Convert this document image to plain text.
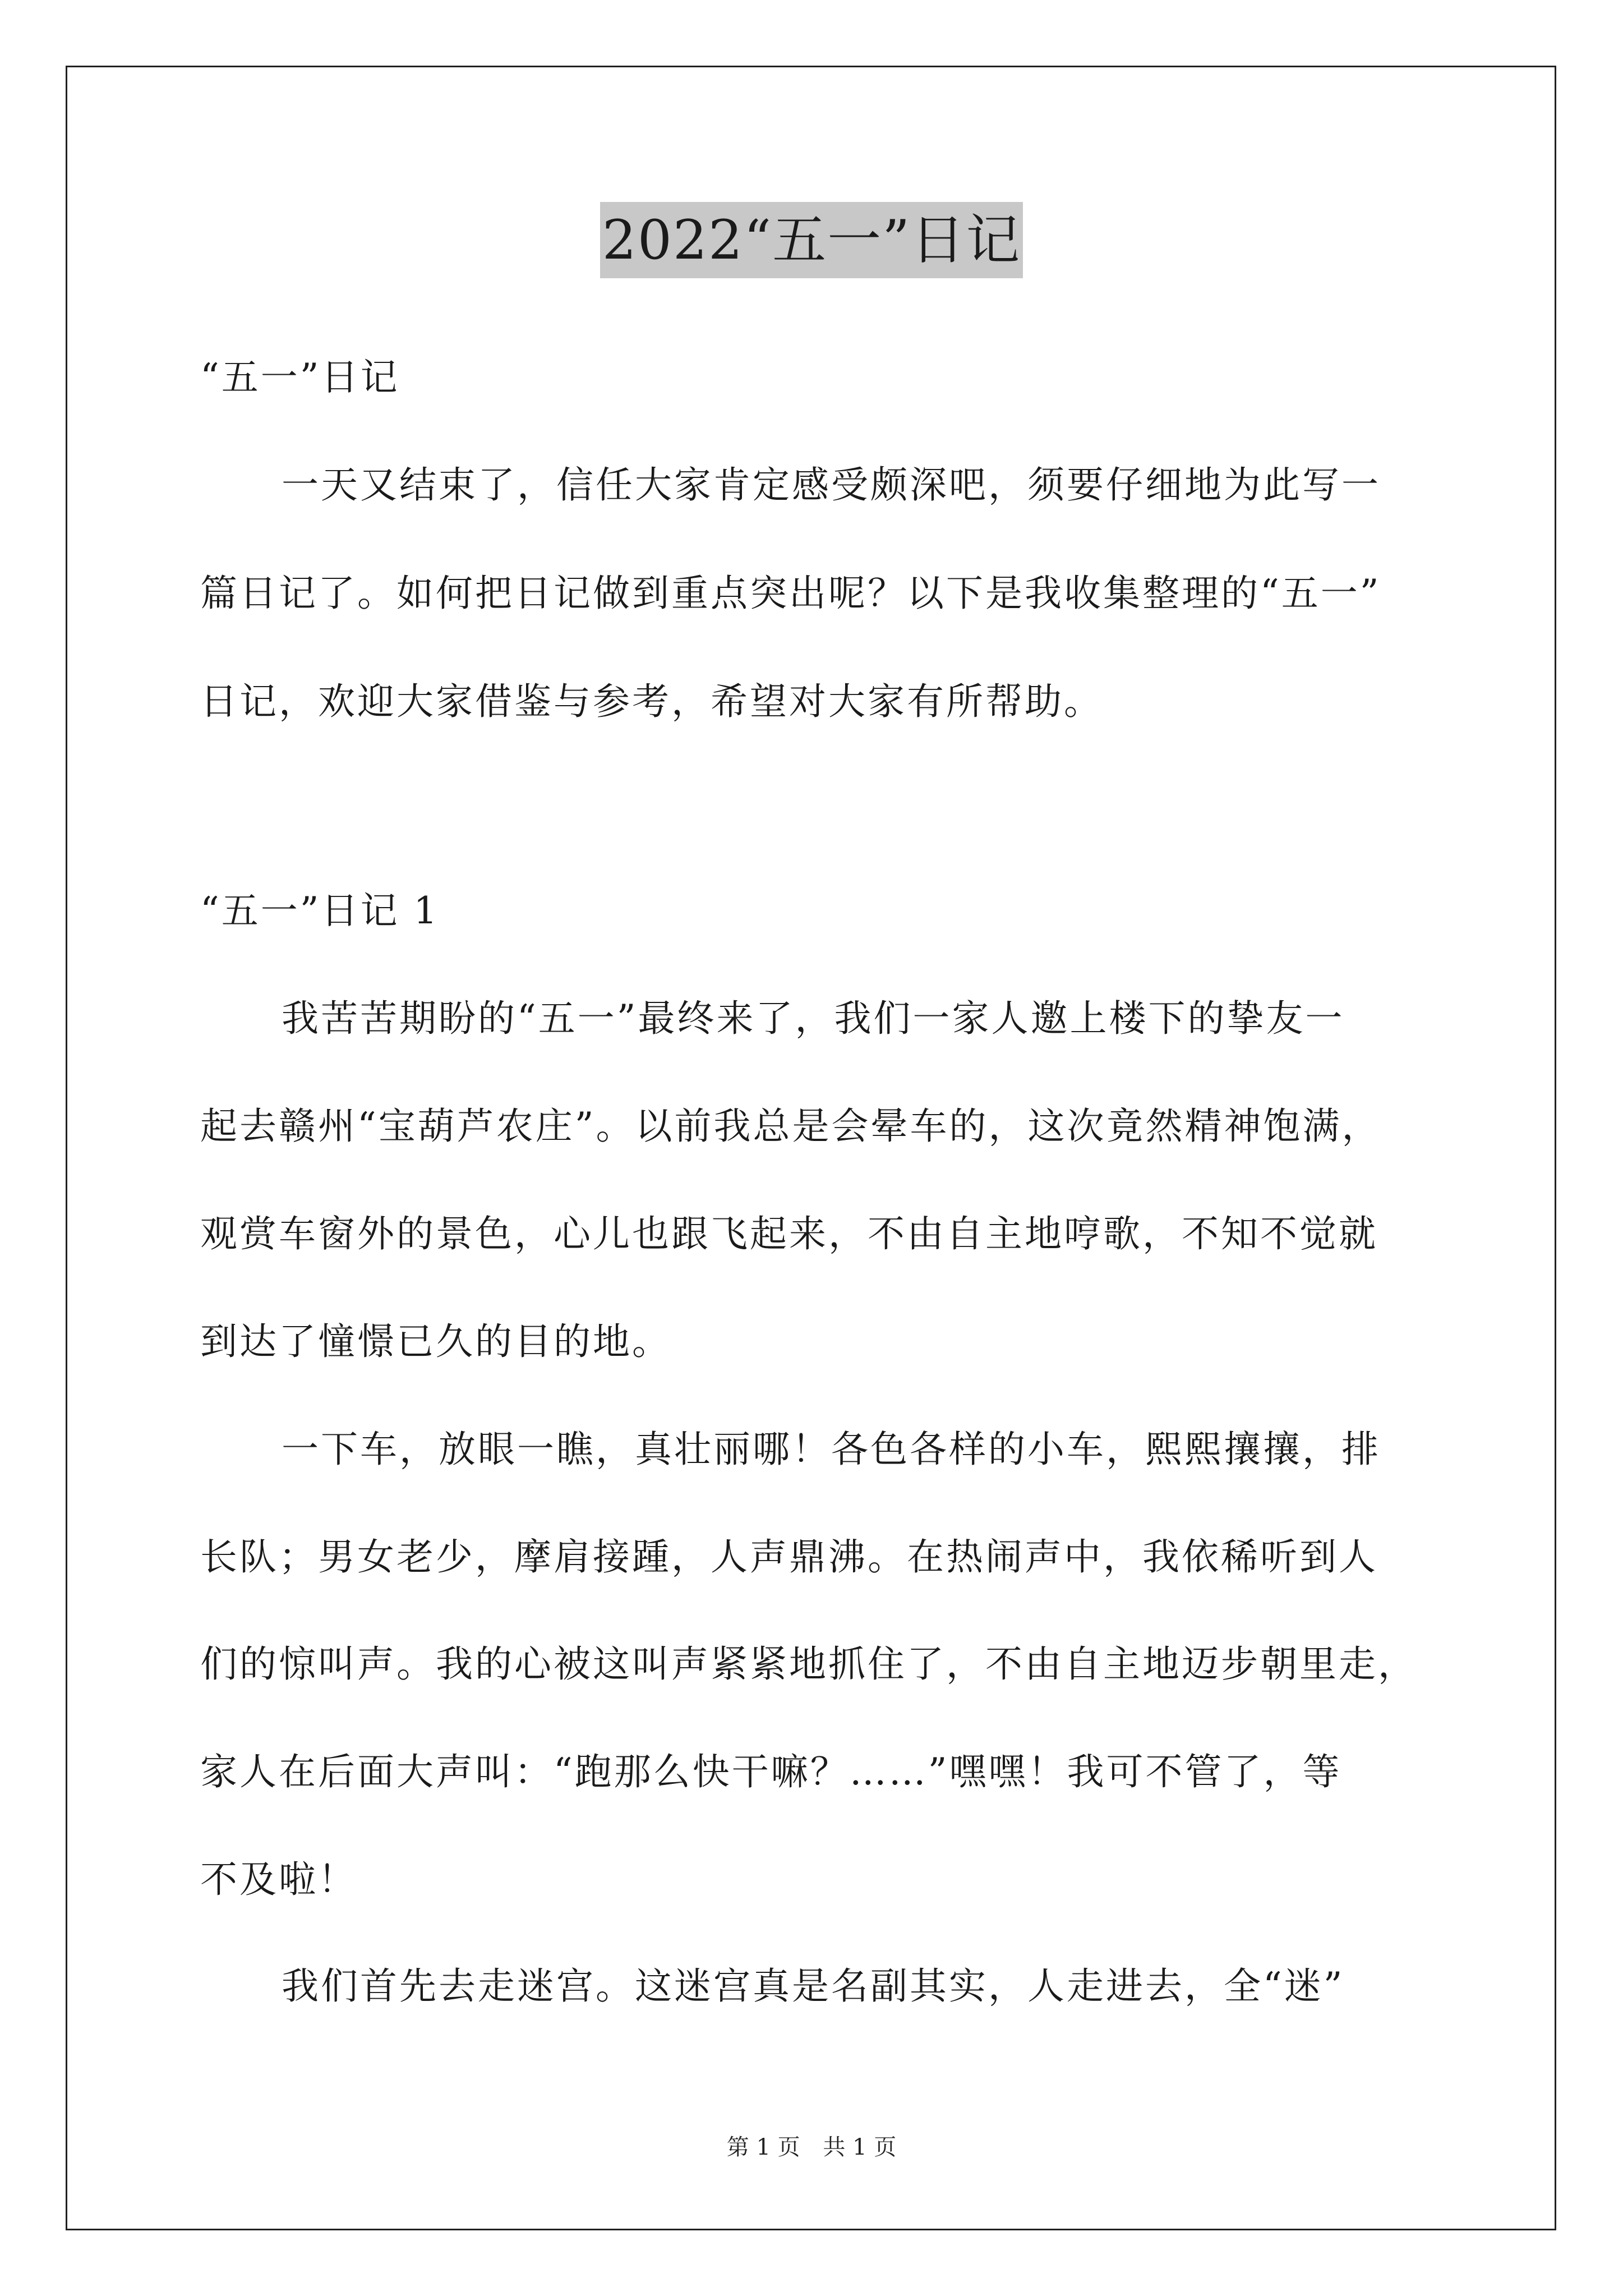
2022“五一”日记
“五一”日记
一天又结束了，信任大家肯定感受颇深吧，须要仔细地为此写一
篇日记了。如何把日记做到重点突出呢？以下是我收集整理的“五一”
日记，欢迎大家借鉴与参考，希望对大家有所帮助。
“五一”日记 1
我苦苦期盼的“五一”最终来了，我们一家人邀上楼下的挚友一
起去赣州“宝葫芦农庄”。以前我总是会晕车的，这次竟然精神饱满，
观赏车窗外的景色，心儿也跟飞起来，不由自主地哼歌，不知不觉就
到达了憧憬已久的目的地。
一下车，放眼一瞧，真壮丽哪！各色各样的小车，熙熙攘攘，排
长队；男女老少，摩肩接踵，人声鼎沸。在热闹声中，我依稀听到人
们的惊叫声。我的心被这叫声紧紧地抓住了，不由自主地迈步朝里走，
家人在后面大声叫：“跑那么快干嘛？……”嘿嘿！我可不管了，等
不及啦！
我们首先去走迷宫。这迷宫真是名副其实，人走进去，全“迷”
第 1 页 共 1 页
